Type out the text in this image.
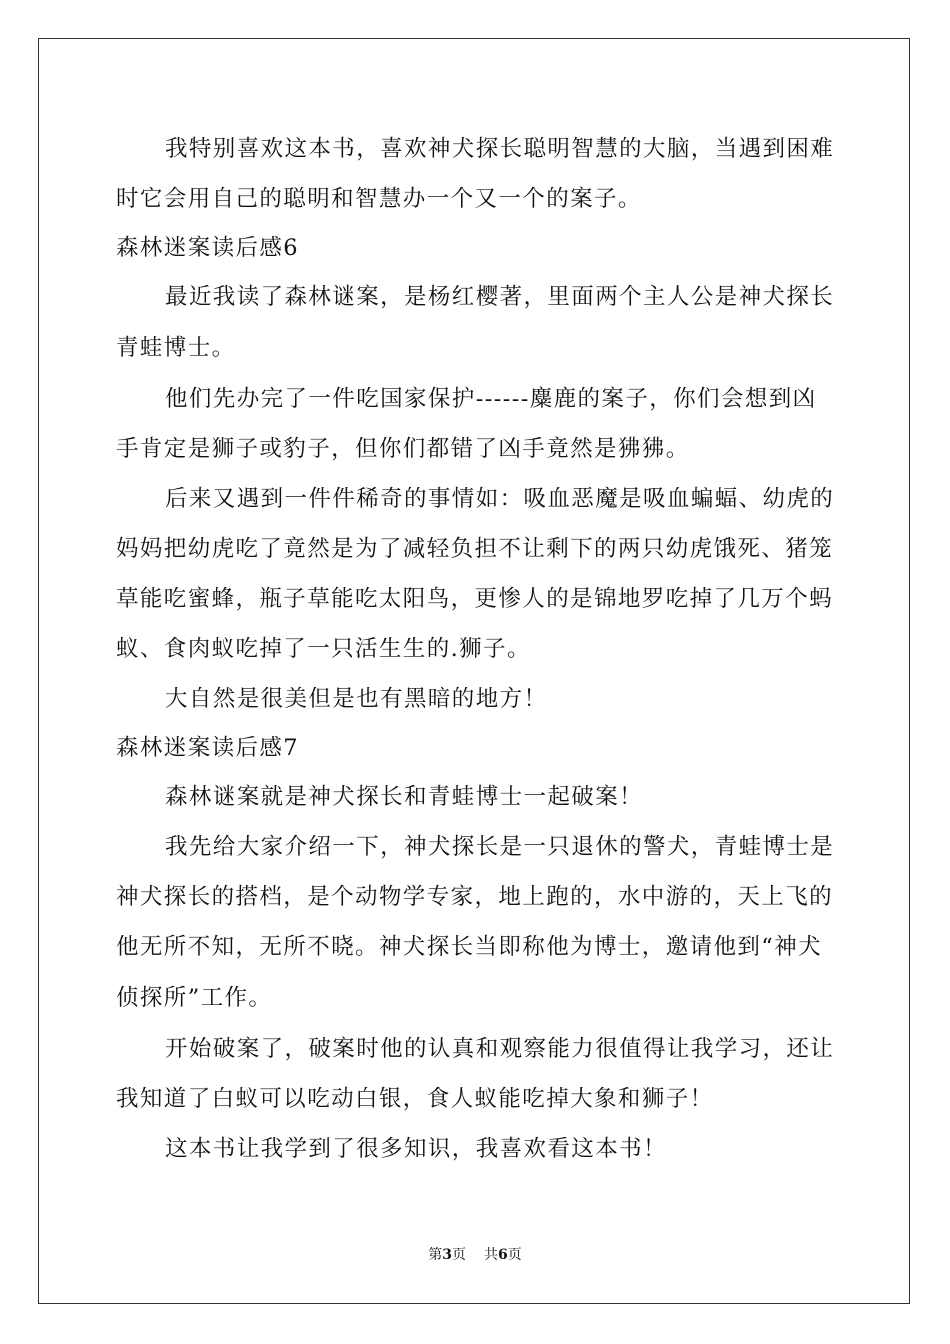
我特别喜欢这本书，喜欢神犬探长聪明智慧的大脑，当遇到困难
时它会用自己的聪明和智慧办一个又一个的案子。
森林迷案读后感6
最近我读了森林谜案，是杨红樱著，里面两个主人公是神犬探长
青蛙博士。
他们先办完了一件吃国家保护------麋鹿的案子，你们会想到凶
手肯定是狮子或豹子，但你们都错了凶手竟然是狒狒。
后来又遇到一件件稀奇的事情如：吸血恶魔是吸血蝙蝠、幼虎的
妈妈把幼虎吃了竟然是为了减轻负担不让剩下的两只幼虎饿死、猪笼
草能吃蜜蜂，瓶子草能吃太阳鸟，更惨人的是锦地罗吃掉了几万个蚂
蚁、食肉蚁吃掉了一只活生生的.狮子。
大自然是很美但是也有黑暗的地方！
森林迷案读后感7
森林谜案就是神犬探长和青蛙博士一起破案！
我先给大家介绍一下，神犬探长是一只退休的警犬，青蛙博士是
神犬探长的搭档，是个动物学专家，地上跑的，水中游的，天上飞的
他无所不知，无所不晓。神犬探长当即称他为博士，邀请他到“神犬
侦探所”工作。
开始破案了，破案时他的认真和观察能力很值得让我学习，还让
我知道了白蚁可以吃动白银，食人蚁能吃掉大象和狮子！
这本书让我学到了很多知识，我喜欢看这本书！
第3页 共6页
